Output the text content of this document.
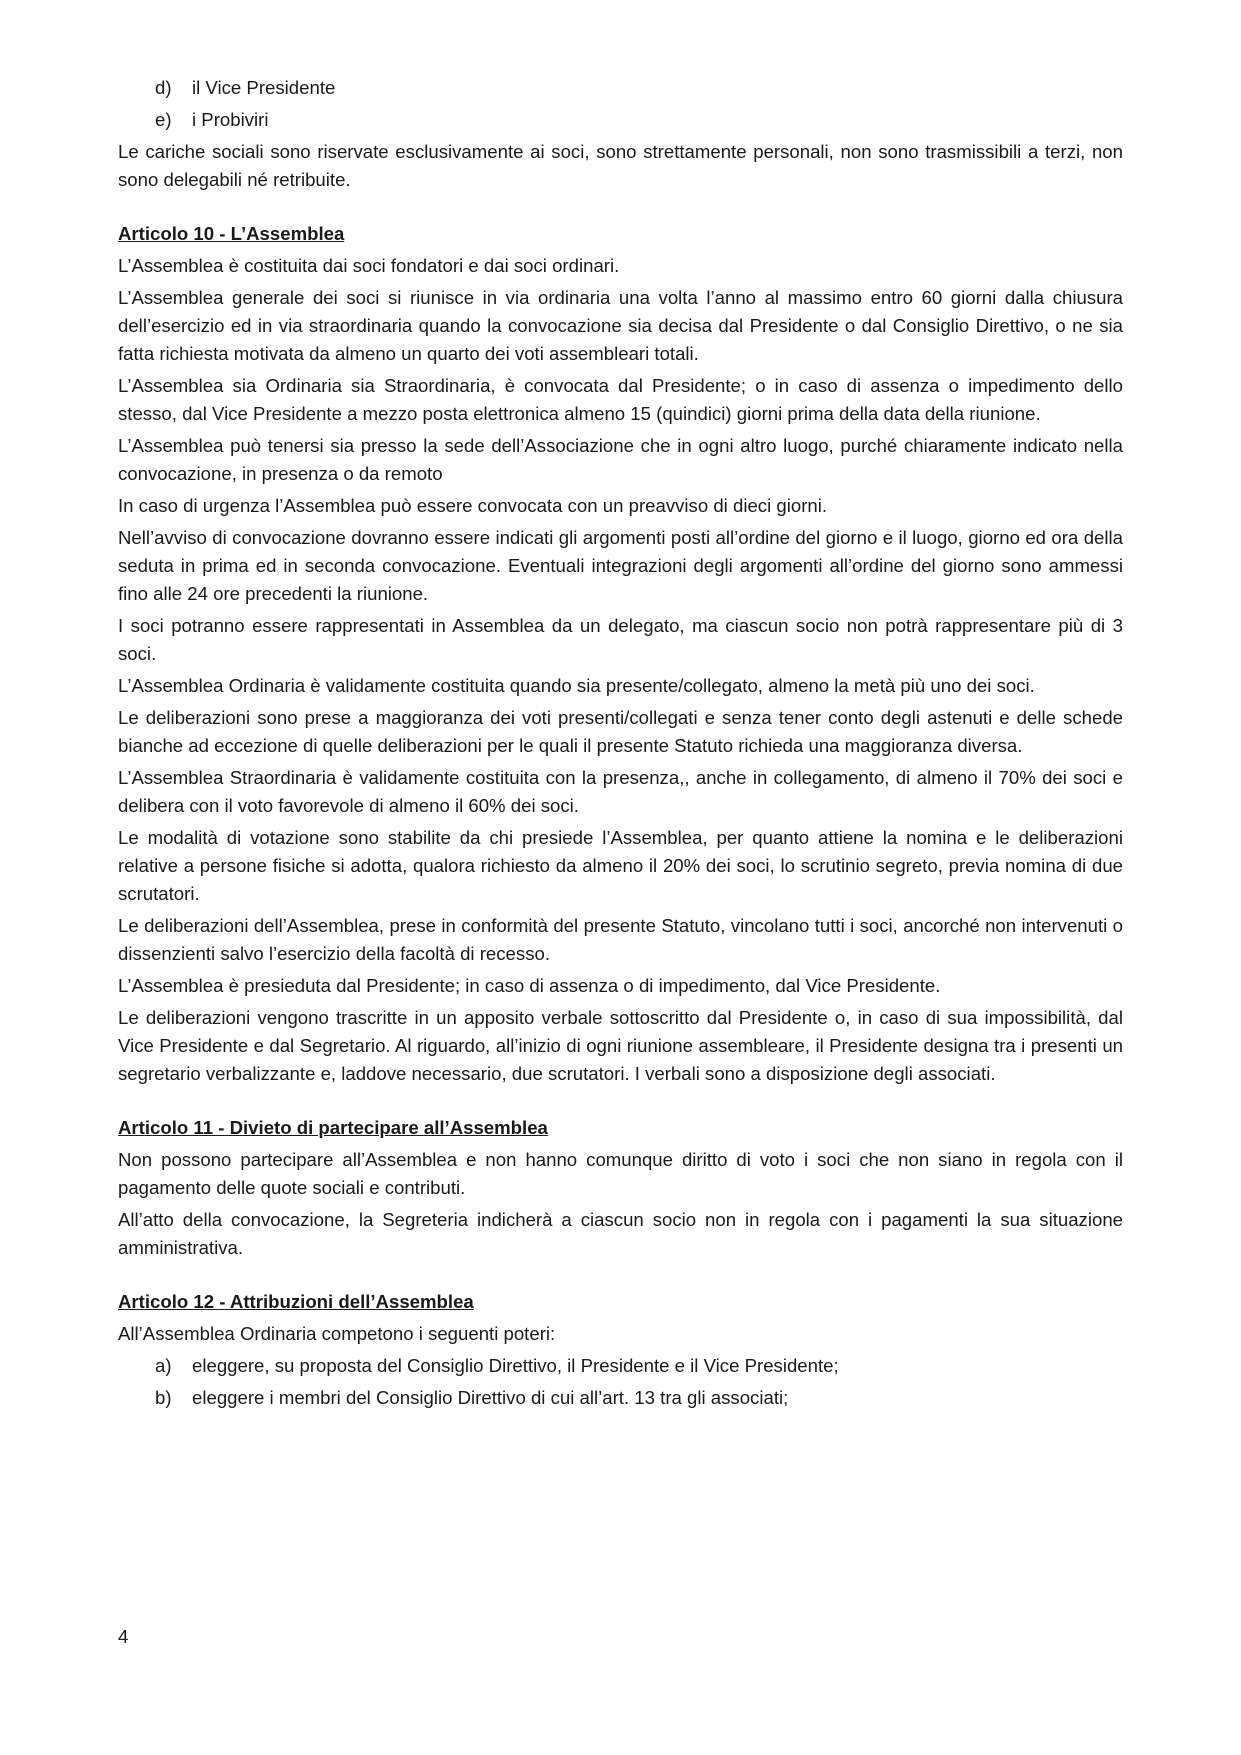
d)	il Vice Presidente
e)	i Probiviri

Le cariche sociali sono riservate esclusivamente ai soci, sono strettamente personali, non sono trasmissibili a terzi, non sono delegabili né retribuite.

Articolo 10 - L’Assemblea

L’Assemblea è costituita dai soci fondatori e dai soci ordinari.

L’Assemblea generale dei soci si riunisce in via ordinaria una volta l’anno al massimo entro 60 giorni dalla chiusura dell’esercizio ed in via straordinaria quando la convocazione sia decisa dal Presidente o dal Consiglio Direttivo, o ne sia fatta richiesta motivata da almeno un quarto dei voti assembleari totali.

L’Assemblea sia Ordinaria sia Straordinaria, è convocata dal Presidente; o in caso di assenza o impedimento dello stesso, dal Vice Presidente a mezzo posta elettronica almeno 15 (quindici) giorni prima della data della riunione.

L’Assemblea può tenersi sia presso la sede dell’Associazione che in ogni altro luogo, purché chiaramente indicato nella convocazione, in presenza o da remoto

In caso di urgenza l’Assemblea può essere convocata con un preavviso di dieci giorni.

Nell’avviso di convocazione dovranno essere indicati gli argomenti posti all’ordine del giorno e il luogo, giorno ed ora della seduta in prima ed in seconda convocazione. Eventuali integrazioni degli argomenti all’ordine del giorno sono ammessi fino alle 24 ore precedenti la riunione.

I soci potranno essere rappresentati in Assemblea da un delegato, ma ciascun socio non potrà rappresentare più di 3 soci.

L’Assemblea Ordinaria è validamente costituita quando sia presente/collegato, almeno la metà più uno dei soci.

Le deliberazioni sono prese a maggioranza dei voti presenti/collegati e senza tener conto degli astenuti e delle schede bianche ad eccezione di quelle deliberazioni per le quali il presente Statuto richieda una maggioranza diversa.

L’Assemblea Straordinaria è validamente costituita con la presenza,, anche in collegamento, di almeno il 70% dei soci e delibera con il voto favorevole di almeno il 60% dei soci.

Le modalità di votazione sono stabilite da chi presiede l’Assemblea, per quanto attiene la nomina e le deliberazioni relative a persone fisiche si adotta, qualora richiesto da almeno il 20% dei soci, lo scrutinio segreto, previa nomina di due scrutatori.

Le deliberazioni dell’Assemblea, prese in conformità del presente Statuto, vincolano tutti i soci, ancorché non intervenuti o dissenzienti salvo l’esercizio della facoltà di recesso.

L’Assemblea è presieduta dal Presidente; in caso di assenza o di impedimento, dal Vice Presidente.

Le deliberazioni vengono trascritte in un apposito verbale sottoscritto dal Presidente o, in caso di sua impossibilità, dal Vice Presidente e dal Segretario. Al riguardo, all’inizio di ogni riunione assembleare, il Presidente designa tra i presenti un segretario verbalizzante e, laddove necessario, due scrutatori. I verbali sono a disposizione degli associati.

Articolo 11 - Divieto di partecipare all’Assemblea

Non possono partecipare all’Assemblea e non hanno comunque diritto di voto i soci che non siano in regola con il pagamento delle quote sociali e contributi.

All’atto della convocazione, la Segreteria indicherà a ciascun socio non in regola con i pagamenti la sua situazione amministrativa.

Articolo 12 - Attribuzioni dell’Assemblea

All’Assemblea Ordinaria competono i seguenti poteri:

a)	eleggere, su proposta del Consiglio Direttivo, il Presidente e il Vice Presidente;
b)	eleggere i membri del Consiglio Direttivo di cui all’art. 13 tra gli associati;
4
